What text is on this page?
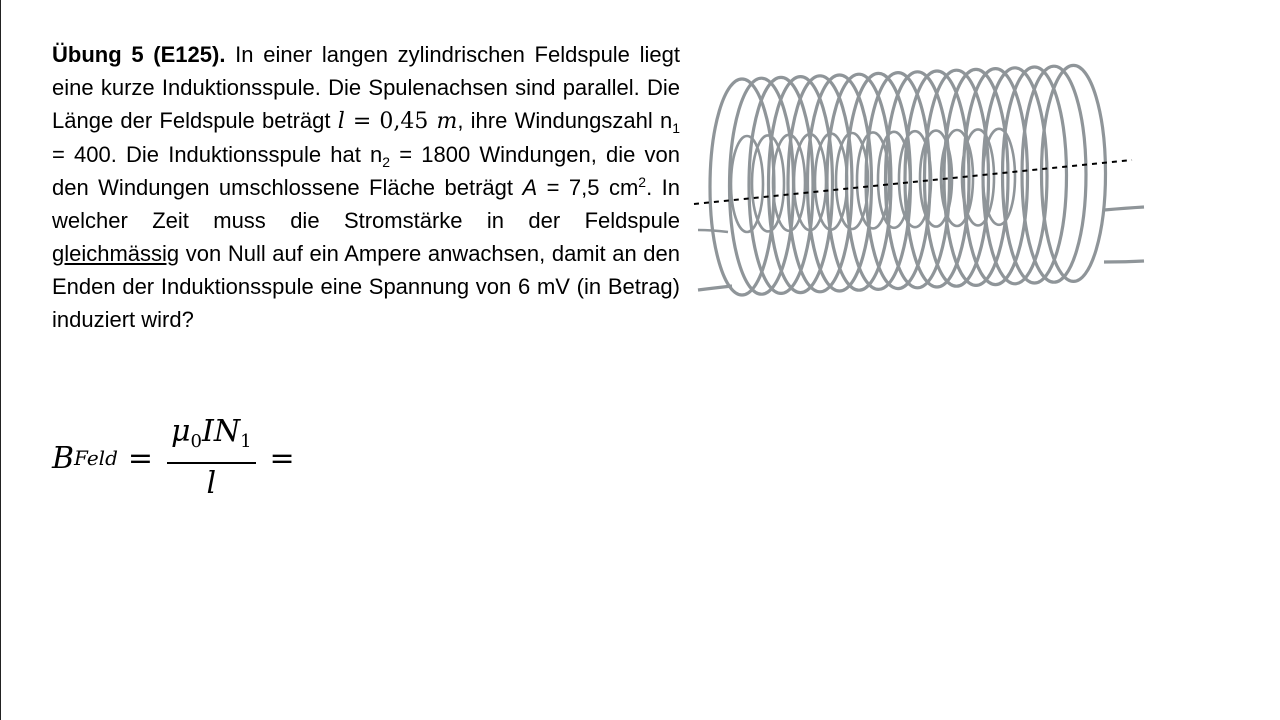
Übung 5 (E125). In einer langen zylindrischen Feldspule liegt eine kurze Induktionsspule. Die Spulenachsen sind parallel. Die Länge der Feldspule beträgt l = 0,45 m, ihre Windungszahl $n_1 = 400$. Die Induktionsspule hat $n_2 = 1800$ Windungen, die von den Windungen umschlossene Fläche beträgt A = 7,5 $cm^2$. In welcher Zeit muss die Stromstärke in der Feldspule gleichmässig von Null auf ein Ampere anwachsen, damit an den Enden der Induktionsspule eine Spannung von 6 mV (in Betrag) induziert wird?
B Feld = $\frac{\mu_0IN_1}{l}$ =
